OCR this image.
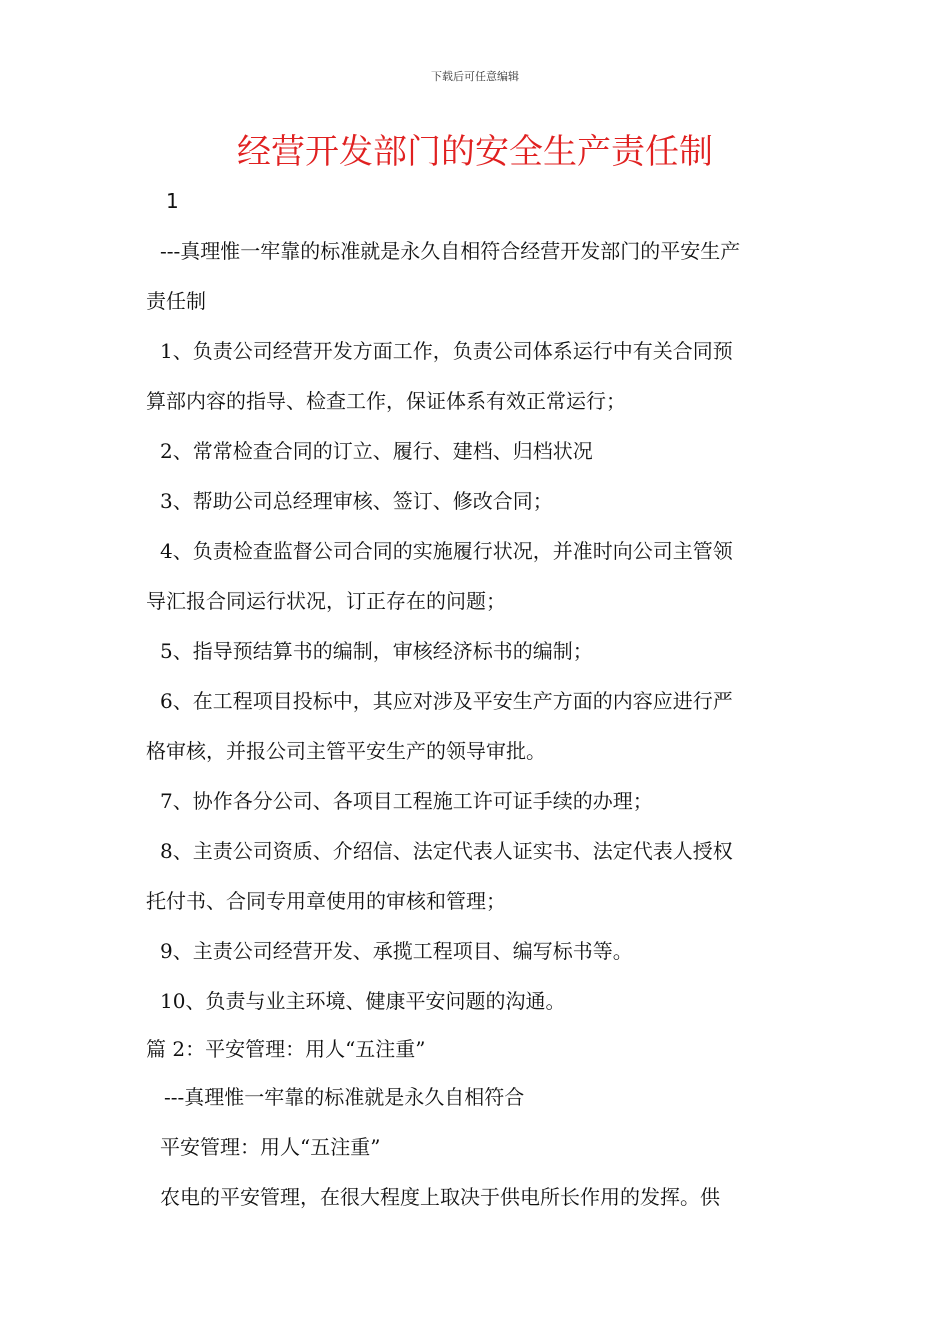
下载后可任意编辑
经营开发部门的安全生产责任制

1

---真理惟一牢靠的标准就是永久自相符合经营开发部门的平安生产

责任制

1、负责公司经营开发方面工作，负责公司体系运行中有关合同预

算部内容的指导、检查工作，保证体系有效正常运行；

2、常常检查合同的订立、履行、建档、归档状况

3、帮助公司总经理审核、签订、修改合同；

4、负责检查监督公司合同的实施履行状况，并准时向公司主管领

导汇报合同运行状况，订正存在的问题；

5、指导预结算书的编制，审核经济标书的编制；

6、在工程项目投标中，其应对涉及平安生产方面的内容应进行严

格审核，并报公司主管平安生产的领导审批。

7、协作各分公司、各项目工程施工许可证手续的办理；

8、主责公司资质、介绍信、法定代表人证实书、法定代表人授权

托付书、合同专用章使用的审核和管理；

9、主责公司经营开发、承揽工程项目、编写标书等。

10、负责与业主环境、健康平安问题的沟通。

篇 2：平安管理：用人“五注重”

---真理惟一牢靠的标准就是永久自相符合

平安管理：用人“五注重”

农电的平安管理，在很大程度上取决于供电所长作用的发挥。供
